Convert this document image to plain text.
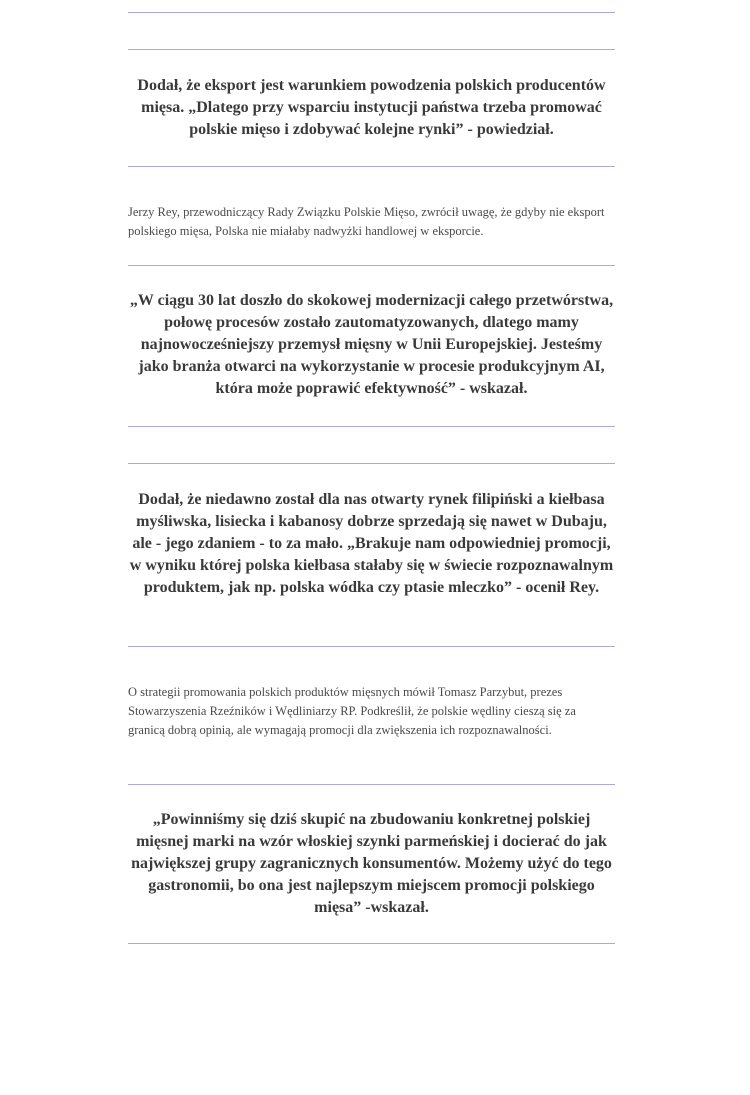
Dodał, że eksport jest warunkiem powodzenia polskich producentów mięsa. „Dlatego przy wsparciu instytucji państwa trzeba promować polskie mięso i zdobywać kolejne rynki” - powiedział.

Jerzy Rey, przewodniczący Rady Związku Polskie Mięso, zwrócił uwagę, że gdyby nie eksport polskiego mięsa, Polska nie miałaby nadwyżki handlowej w eksporcie.

„W ciągu 30 lat doszło do skokowej modernizacji całego przetwórstwa, połowę procesów zostało zautomatyzowanych, dlatego mamy najnowocześniejszy przemysł mięsny w Unii Europejskiej. Jesteśmy jako branża otwarci na wykorzystanie w procesie produkcyjnym AI, która może poprawić efektywność” - wskazał.

Dodał, że niedawno został dla nas otwarty rynek filipiński a kiełbasa myśliwska, lisiecka i kabanosy dobrze sprzedają się nawet w Dubaju, ale - jego zdaniem - to za mało. „Brakuje nam odpowiedniej promocji, w wyniku której polska kiełbasa stałaby się w świecie rozpoznawalnym produktem, jak np. polska wódka czy ptasie mleczko” - ocenił Rey.

O strategii promowania polskich produktów mięsnych mówił Tomasz Parzybut, prezes Stowarzyszenia Rzeźników i Wędliniarzy RP. Podkreślił, że polskie wędliny cieszą się za granicą dobrą opinią, ale wymagają promocji dla zwiększenia ich rozpoznawalności.

„Powinniśmy się dziś skupić na zbudowaniu konkretnej polskiej mięsnej marki na wzór włoskiej szynki parmeńskiej i docierać do jak największej grupy zagranicznych konsumentów. Możemy użyć do tego gastronomii, bo ona jest najlepszym miejscem promocji polskiego mięsa” -wskazał.
